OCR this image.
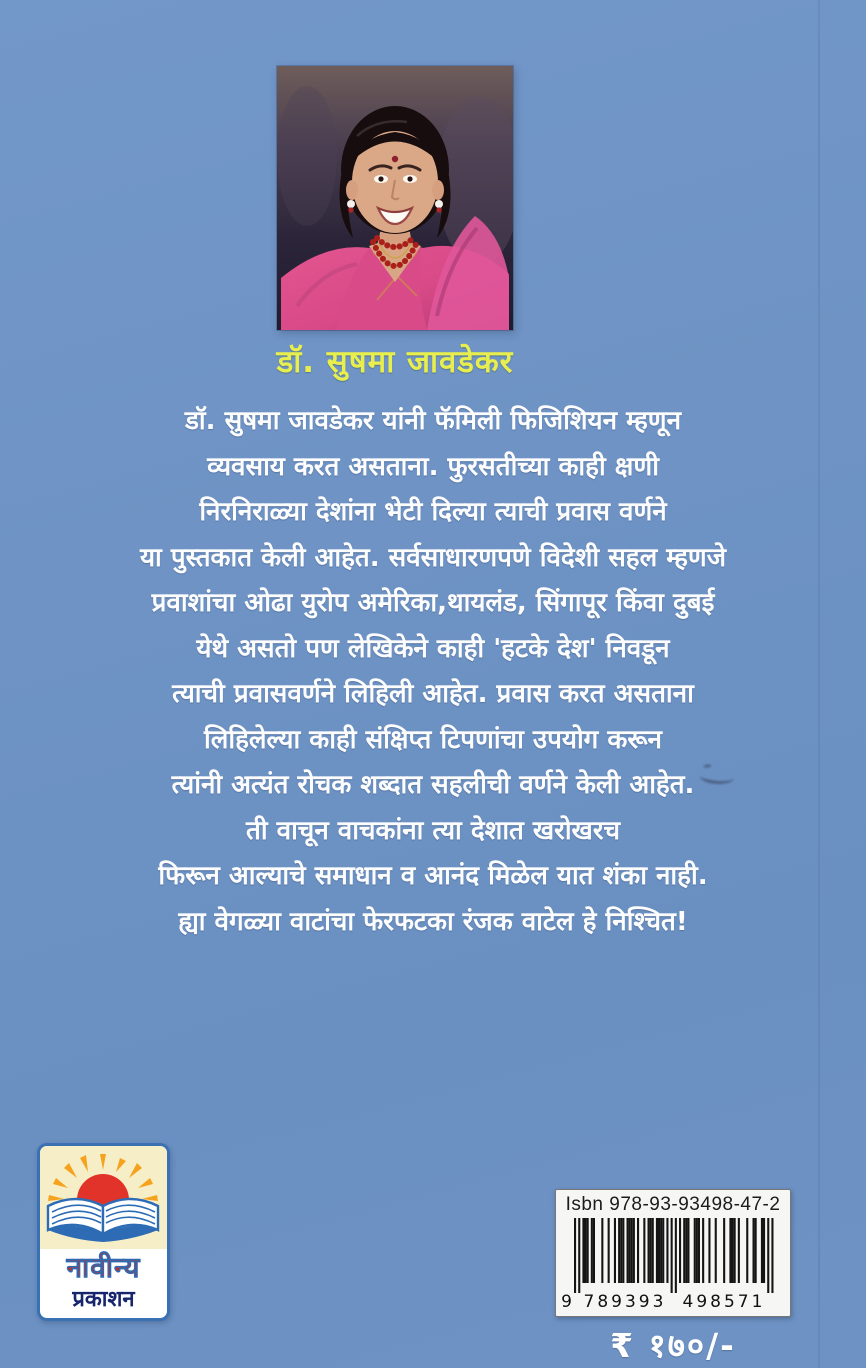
डॉ. सुषमा जावडेकर
डॉ. सुषमा जावडेकर यांनी फॅमिली फिजिशियन म्हणून
व्यवसाय करत असताना. फुरसतीच्या काही क्षणी
निरनिराळ्या देशांना भेटी दिल्या त्याची प्रवास वर्णने
या पुस्तकात केली आहेत. सर्वसाधारणपणे विदेशी सहल म्हणजे
प्रवाशांचा ओढा युरोप अमेरिका,थायलंड, सिंगापूर किंवा दुबई
येथे असतो पण लेखिकेने काही 'हटके देश' निवडून
त्याची प्रवासवर्णने लिहिली आहेत. प्रवास करत असताना
लिहिलेल्या काही संक्षिप्त टिपणांचा उपयोग करून
त्यांनी अत्यंत रोचक शब्दात सहलीची वर्णने केली आहेत.
ती वाचून वाचकांना त्या देशात खरोखरच
फिरून आल्याचे समाधान व आनंद मिळेल यात शंका नाही.
ह्या वेगळ्या वाटांचा फेरफटका रंजक वाटेल हे निश्चित!
नावीन्य
प्रकाशन
Isbn 978-93-93498-47-2
9 789393 498571
₹ १७०/-
